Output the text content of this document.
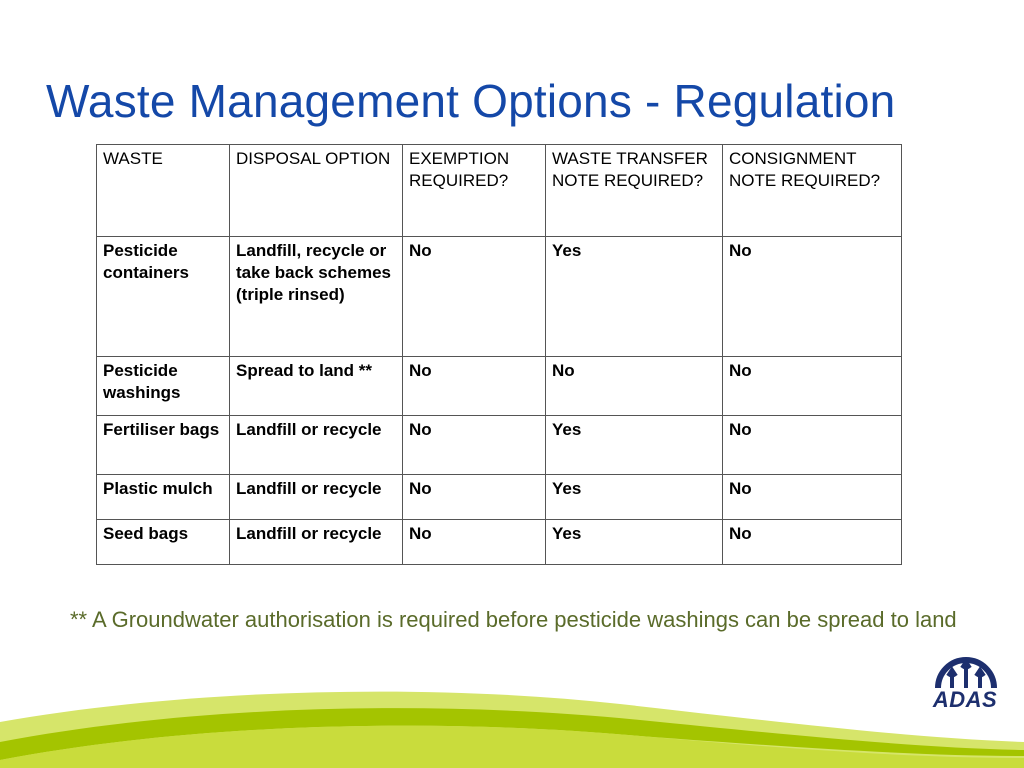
Waste Management Options - Regulation
WASTE	DISPOSAL OPTION	EXEMPTION REQUIRED?	WASTE TRANSFER NOTE REQUIRED?	CONSIGNMENT NOTE REQUIRED?
Pesticide containers	Landfill, recycle or take back schemes (triple rinsed)	No	Yes	No
Pesticide washings	Spread to land **	No	No	No
Fertiliser bags	Landfill or recycle	No	Yes	No
Plastic mulch	Landfill or recycle	No	Yes	No
Seed bags	Landfill or recycle	No	Yes	No
** A Groundwater authorisation is required before pesticide washings can be spread to land
ADAS
